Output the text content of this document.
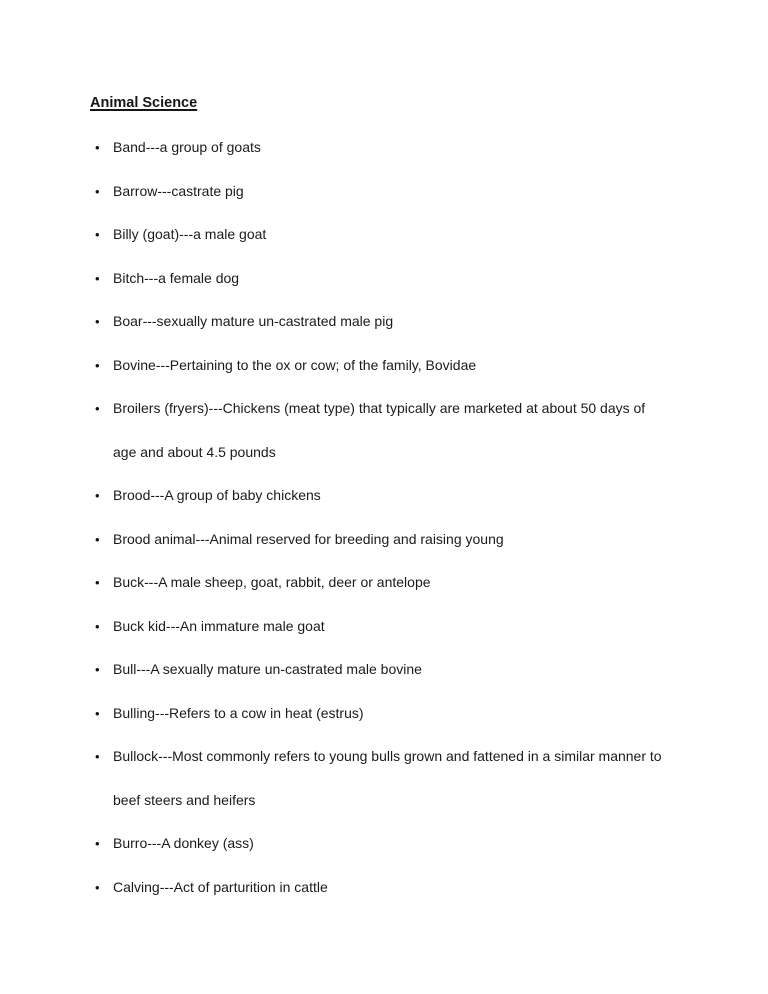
Animal Science
• Band---a group of goats
• Barrow---castrate pig
• Billy (goat)---a male goat
• Bitch---a female dog
• Boar---sexually mature un-castrated male pig
• Bovine---Pertaining to the ox or cow; of the family, Bovidae
• Broilers (fryers)---Chickens (meat type) that typically are marketed at about 50 days of age and about 4.5 pounds
• Brood---A group of baby chickens
• Brood animal---Animal reserved for breeding and raising young
• Buck---A male sheep, goat, rabbit, deer or antelope
• Buck kid---An immature male goat
• Bull---A sexually mature un-castrated male bovine
• Bulling---Refers to a cow in heat (estrus)
• Bullock---Most commonly refers to young bulls grown and fattened in a similar manner to beef steers and heifers
• Burro---A donkey (ass)
• Calving---Act of parturition in cattle
